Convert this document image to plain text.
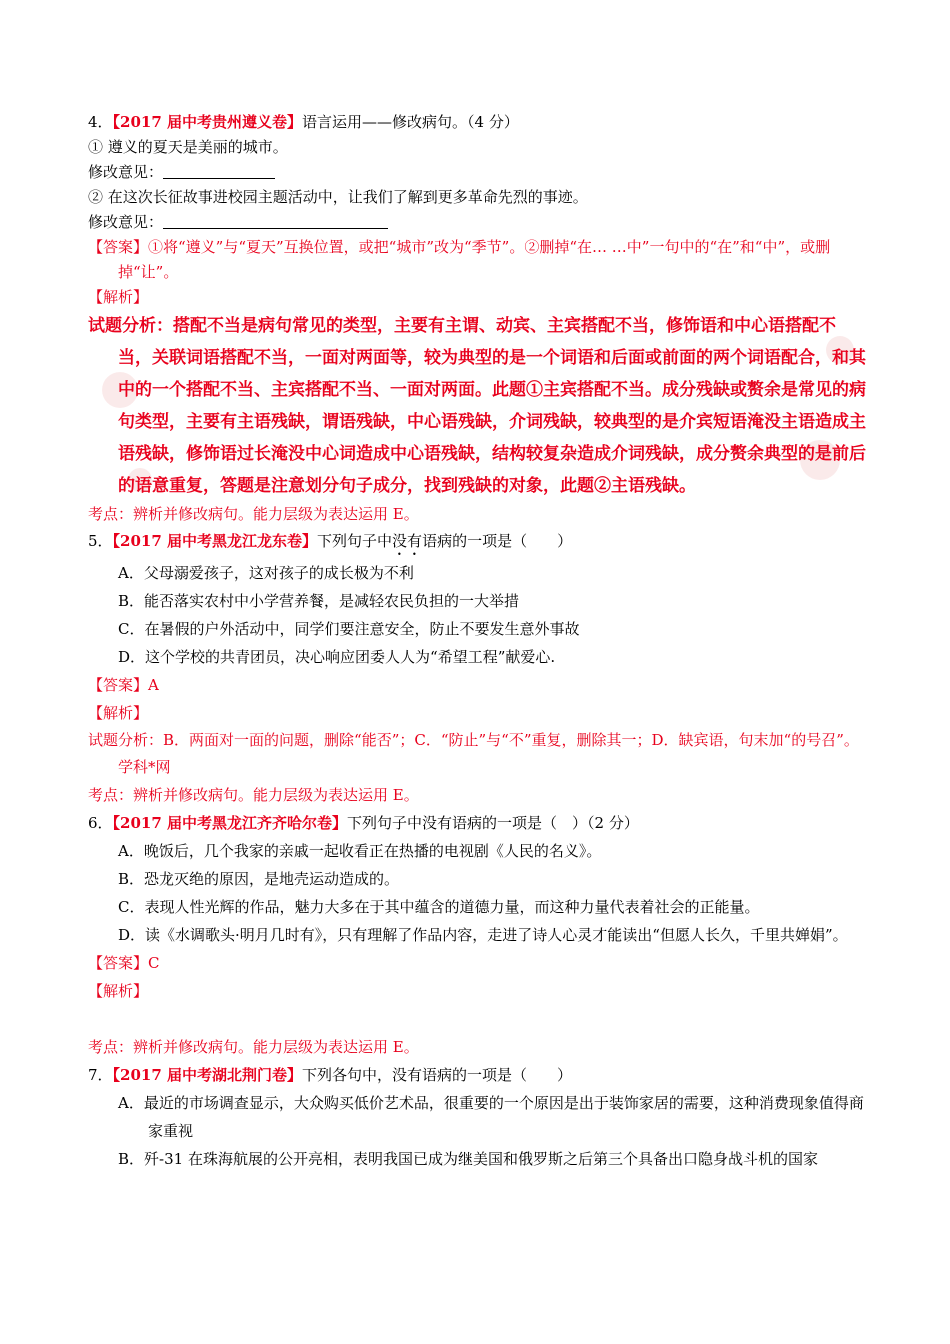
4．【2017 届中考贵州遵义卷】语言运用——修改病句。（4 分）
① 遵义的夏天是美丽的城市。
修改意见：
② 在这次长征故事进校园主题活动中，让我们了解到更多革命先烈的事迹。
修改意见：
【答案】①将“遵义”与“夏天”互换位置，或把“城市”改为“季节”。②删掉“在… …中”一句中的“在”和“中”，或删掉“让”。
【解析】
试题分析：搭配不当是病句常见的类型，主要有主谓、动宾、主宾搭配不当，修饰语和中心语搭配不当，关联词语搭配不当，一面对两面等，较为典型的是一个词语和后面或前面的两个词语配合，和其中的一个搭配不当、主宾搭配不当、一面对两面。此题①主宾搭配不当。成分残缺或赘余是常见的病句类型，主要有主语残缺，谓语残缺，中心语残缺，介词残缺，较典型的是介宾短语淹没主语造成主语残缺，修饰语过长淹没中心词造成中心语残缺，结构较复杂造成介词残缺，成分赘余典型的是前后的语意重复，答题是注意划分句子成分，找到残缺的对象，此题②主语残缺。
考点：辨析并修改病句。能力层级为表达运用 E。
5．【2017 届中考黑龙江龙东卷】下列句子中没有语病的一项是（　　）
A．父母溺爱孩子，这对孩子的成长极为不利
B．能否落实农村中小学营养餐，是减轻农民负担的一大举措
C．在暑假的户外活动中，同学们要注意安全，防止不要发生意外事故
D．这个学校的共青团员，决心响应团委人人为“希望工程”献爱心.
【答案】A
【解析】
试题分析：B．两面对一面的问题，删除“能否”；C．“防止”与“不”重复，删除其一；D．缺宾语，句末加“的号召”。学科*网
考点：辨析并修改病句。能力层级为表达运用 E。
6．【2017 届中考黑龙江齐齐哈尔卷】下列句子中没有语病的一项是（　）（2 分）
A．晚饭后，几个我家的亲戚一起收看正在热播的电视剧《人民的名义》。
B．恐龙灭绝的原因，是地壳运动造成的。
C．表现人性光辉的作品，魅力大多在于其中蕴含的道德力量，而这种力量代表着社会的正能量。
D．读《水调歌头·明月几时有》，只有理解了作品内容，走进了诗人心灵才能读出“但愿人长久，千里共婵娟”。
【答案】C
【解析】
考点：辨析并修改病句。能力层级为表达运用 E。
7．【2017 届中考湖北荆门卷】下列各句中，没有语病的一项是（　　）
A．最近的市场调查显示，大众购买低价艺术品，很重要的一个原因是出于装饰家居的需要，这种消费现象值得商家重视
B．歼-31 在珠海航展的公开亮相，表明我国已成为继美国和俄罗斯之后第三个具备出口隐身战斗机的国家
